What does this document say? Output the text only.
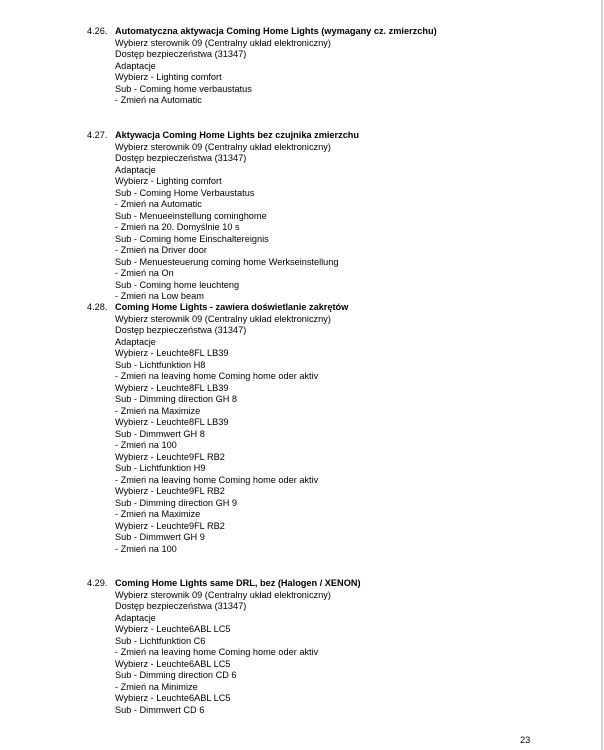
4.26. Automatyczna aktywacja Coming Home Lights (wymagany cz. zmierzchu)
Wybierz sterownik 09 (Centralny układ elektroniczny)
Dostęp bezpieczeństwa (31347)
Adaptacje
Wybierz - Lighting comfort
Sub - Coming home verbaustatus
- Zmień na Automatic
4.27. Aktywacja Coming Home Lights bez czujnika zmierzchu
Wybierz sterownik 09 (Centralny układ elektroniczny)
Dostęp bezpieczeństwa (31347)
Adaptacje
Wybierz - Lighting comfort
Sub - Coming Home Verbaustatus
- Zmień na Automatic
Sub - Menueeinstellung cominghome
- Zmień na 20. Domyślnie 10 s
Sub - Coming home Einschaltereignis
- Zmień na Driver door
Sub - Menuesteuerung coming home Werkseinstellung
- Zmień na On
Sub - Coming home leuchteng
- Zmień na Low beam
4.28. Coming Home Lights - zawiera doświetlanie zakrętów
Wybierz sterownik 09 (Centralny układ elektroniczny)
Dostęp bezpieczeństwa (31347)
Adaptacje
Wybierz - Leuchte8FL LB39
Sub - Lichtfunktion H8
- Zmień na leaving home Coming home oder aktiv
Wybierz - Leuchte8FL LB39
Sub - Dimming direction GH 8
- Zmień na Maximize
Wybierz - Leuchte8FL LB39
Sub - Dimmwert GH 8
- Zmień na 100
Wybierz - Leuchte9FL RB2
Sub - Lichtfunktion H9
- Zmień na leaving home Coming home oder aktiv
Wybierz - Leuchte9FL RB2
Sub - Dimming direction GH 9
- Zmień na Maximize
Wybierz - Leuchte9FL RB2
Sub - Dimmwert GH 9
- Zmień na 100
4.29. Coming Home Lights same DRL, bez (Halogen / XENON)
Wybierz sterownik 09 (Centralny układ elektroniczny)
Dostęp bezpieczeństwa (31347)
Adaptacje
Wybierz - Leuchte6ABL LC5
Sub - Lichtfunktion C6
- Zmień na leaving home Coming home oder aktiv
Wybierz - Leuchte6ABL LC5
Sub - Dimming direction CD 6
- Zmień na Minimize
Wybierz - Leuchte6ABL LC5
Sub - Dimmwert CD 6
23
